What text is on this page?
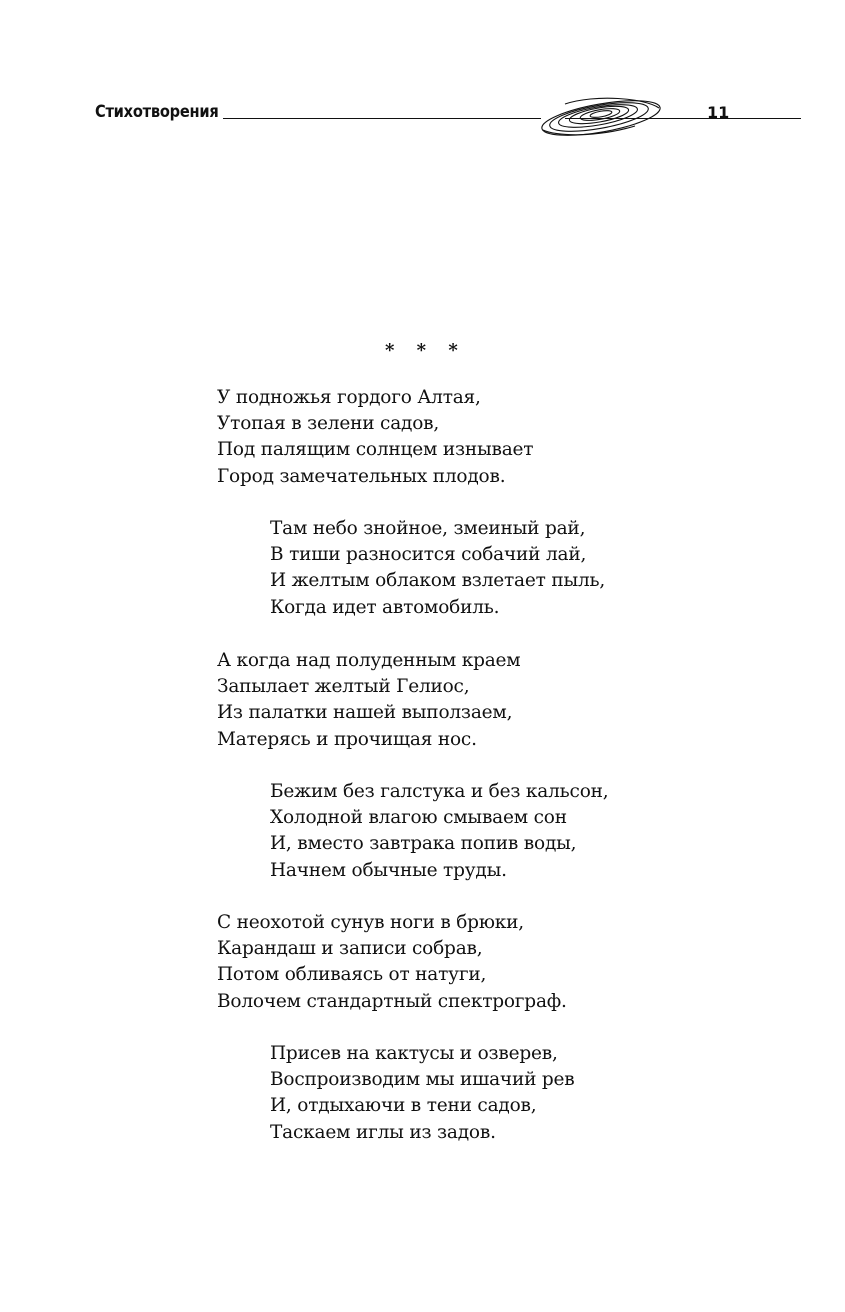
Стихотворения	11
* * *
У подножья гордого Алтая,
Утопая в зелени садов,
Под палящим солнцем изнывает
Город замечательных плодов.
Там небо знойное, змеиный рай,
В тиши разносится собачий лай,
И желтым облаком взлетает пыль,
Когда идет автомобиль.
А когда над полуденным краем
Запылает желтый Гелиос,
Из палатки нашей выползаем,
Матерясь и прочищая нос.
Бежим без галстука и без кальсон,
Холодной влагою смываем сон
И, вместо завтрака попив воды,
Начнем обычные труды.
С неохотой сунув ноги в брюки,
Карандаш и записи собрав,
Потом обливаясь от натуги,
Волочем стандартный спектрограф.
Присев на кактусы и озверев,
Воспроизводим мы ишачий рев
И, отдыхаючи в тени садов,
Таскаем иглы из задов.
